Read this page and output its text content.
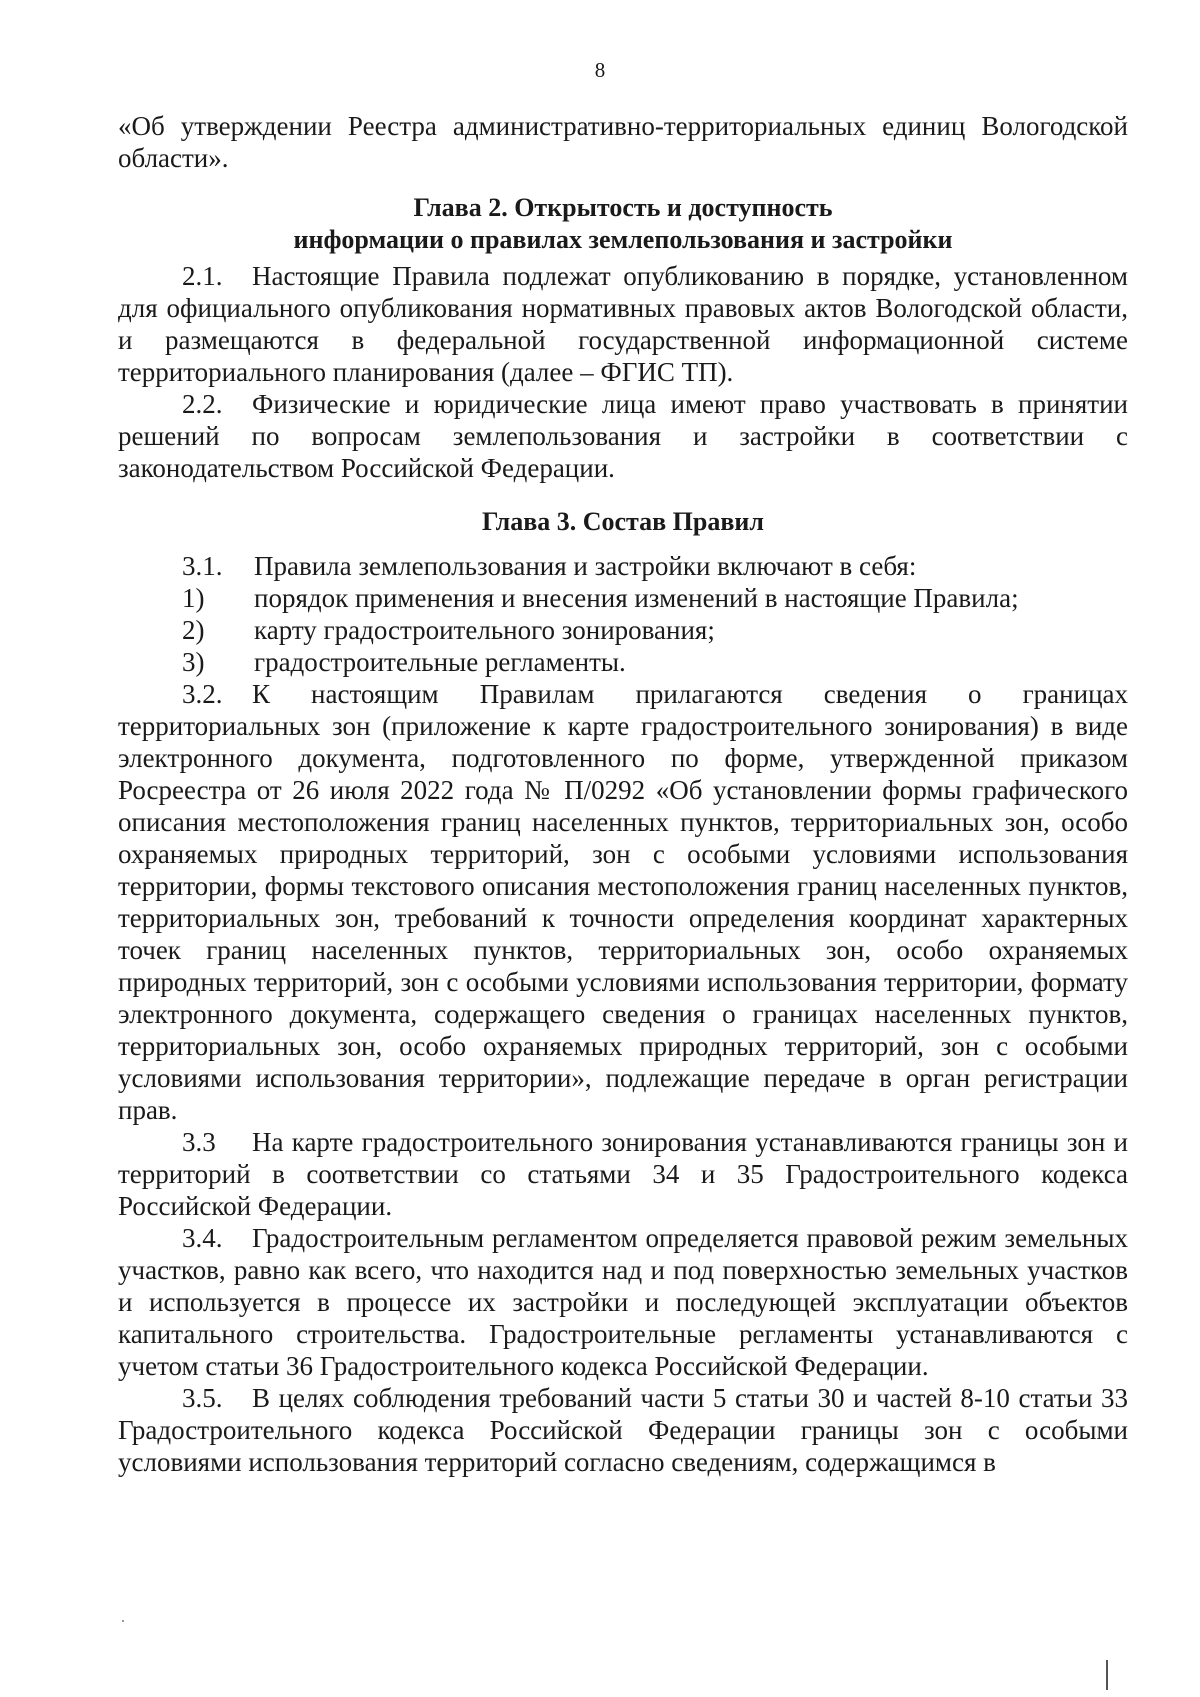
8

«Об утверждении Реестра административно-территориальных единиц Вологодской области».

Глава 2. Открытость и доступность
информации о правилах землепользования и застройки

2.1. Настоящие Правила подлежат опубликованию в порядке, установленном для официального опубликования нормативных правовых актов Вологодской области, и размещаются в федеральной государственной информационной системе территориального планирования (далее – ФГИС ТП).

2.2. Физические и юридические лица имеют право участвовать в принятии решений по вопросам землепользования и застройки в соответствии с законодательством Российской Федерации.

Глава 3. Состав Правил
3.1.	Правила землепользования и застройки включают в себя:
1)	порядок применения и внесения изменений в настоящие Правила;
2)	карту градостроительного зонирования;
3)	градостроительные регламенты.

3.2. К настоящим Правилам прилагаются сведения о границах территориальных зон (приложение к карте градостроительного зонирования) в виде электронного документа, подготовленного по форме, утвержденной приказом Росреестра от 26 июля 2022 года № П/0292 «Об установлении формы графического описания местоположения границ населенных пунктов, территориальных зон, особо охраняемых природных территорий, зон с особыми условиями использования территории, формы текстового описания местоположения границ населенных пунктов, территориальных зон, требований к точности определения координат характерных точек границ населенных пунктов, территориальных зон, особо охраняемых природных территорий, зон с особыми условиями использования территории, формату электронного документа, содержащего сведения о границах населенных пунктов, территориальных зон, особо охраняемых природных территорий, зон с особыми условиями использования территории», подлежащие передаче в орган регистрации прав.

3.3 На карте градостроительного зонирования устанавливаются границы зон и территорий в соответствии со статьями 34 и 35 Градостроительного кодекса Российской Федерации.

3.4. Градостроительным регламентом определяется правовой режим земельных участков, равно как всего, что находится над и под поверхностью земельных участков и используется в процессе их застройки и последующей эксплуатации объектов капитального строительства. Градостроительные регламенты устанавливаются с учетом статьи 36 Градостроительного кодекса Российской Федерации.

3.5. В целях соблюдения требований части 5 статьи 30 и частей 8-10 статьи 33 Градостроительного кодекса Российской Федерации границы зон с особыми условиями использования территорий согласно сведениям, содержащимся в
